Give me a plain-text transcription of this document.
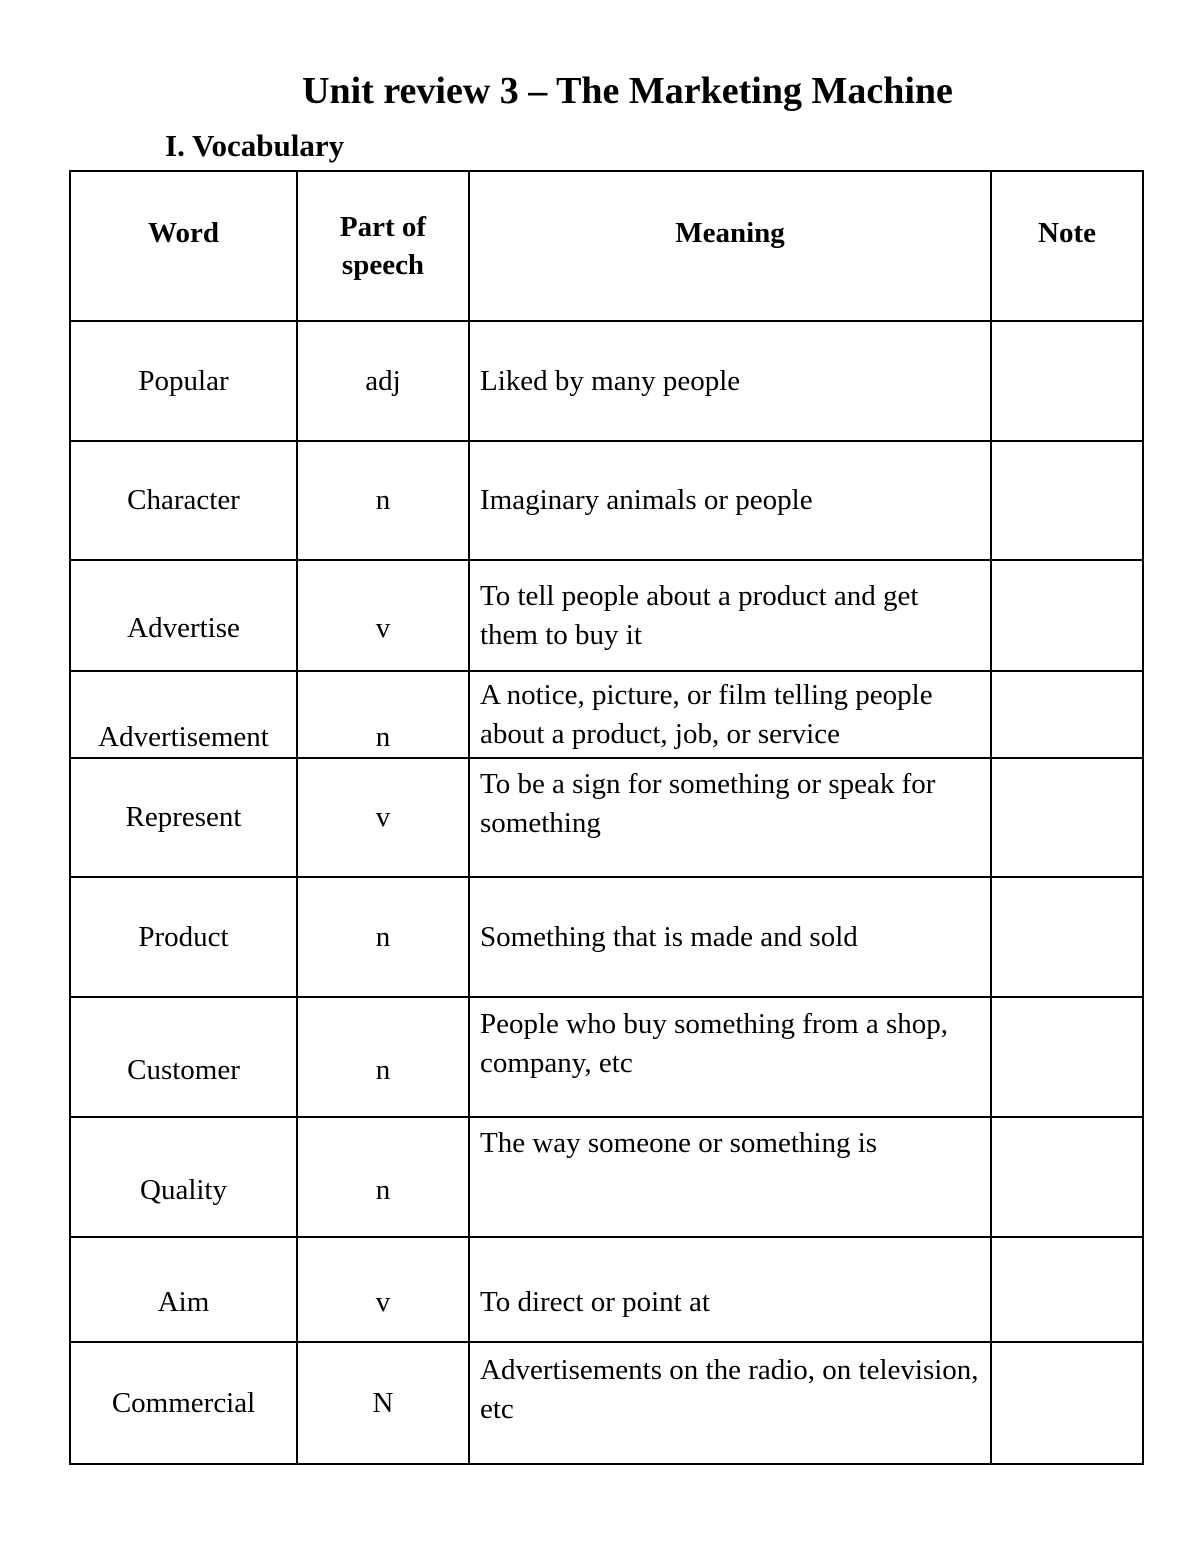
Unit review 3 – The Marketing Machine
I. Vocabulary
Word	Part of speech	Meaning	Note
Popular	adj	Liked by many people	
Character	n	Imaginary animals or people	
Advertise	v	To tell people about a product and get them to buy it	
Advertisement	n	A notice, picture, or film telling people about a product, job, or service	
Represent	v	To be a sign for something or speak for something	
Product	n	Something that is made and sold	
Customer	n	People who buy something from a shop, company, etc	
Quality	n	The way someone or something is	
Aim	v	To direct or point at	
Commercial	N	Advertisements on the radio, on television, etc	
